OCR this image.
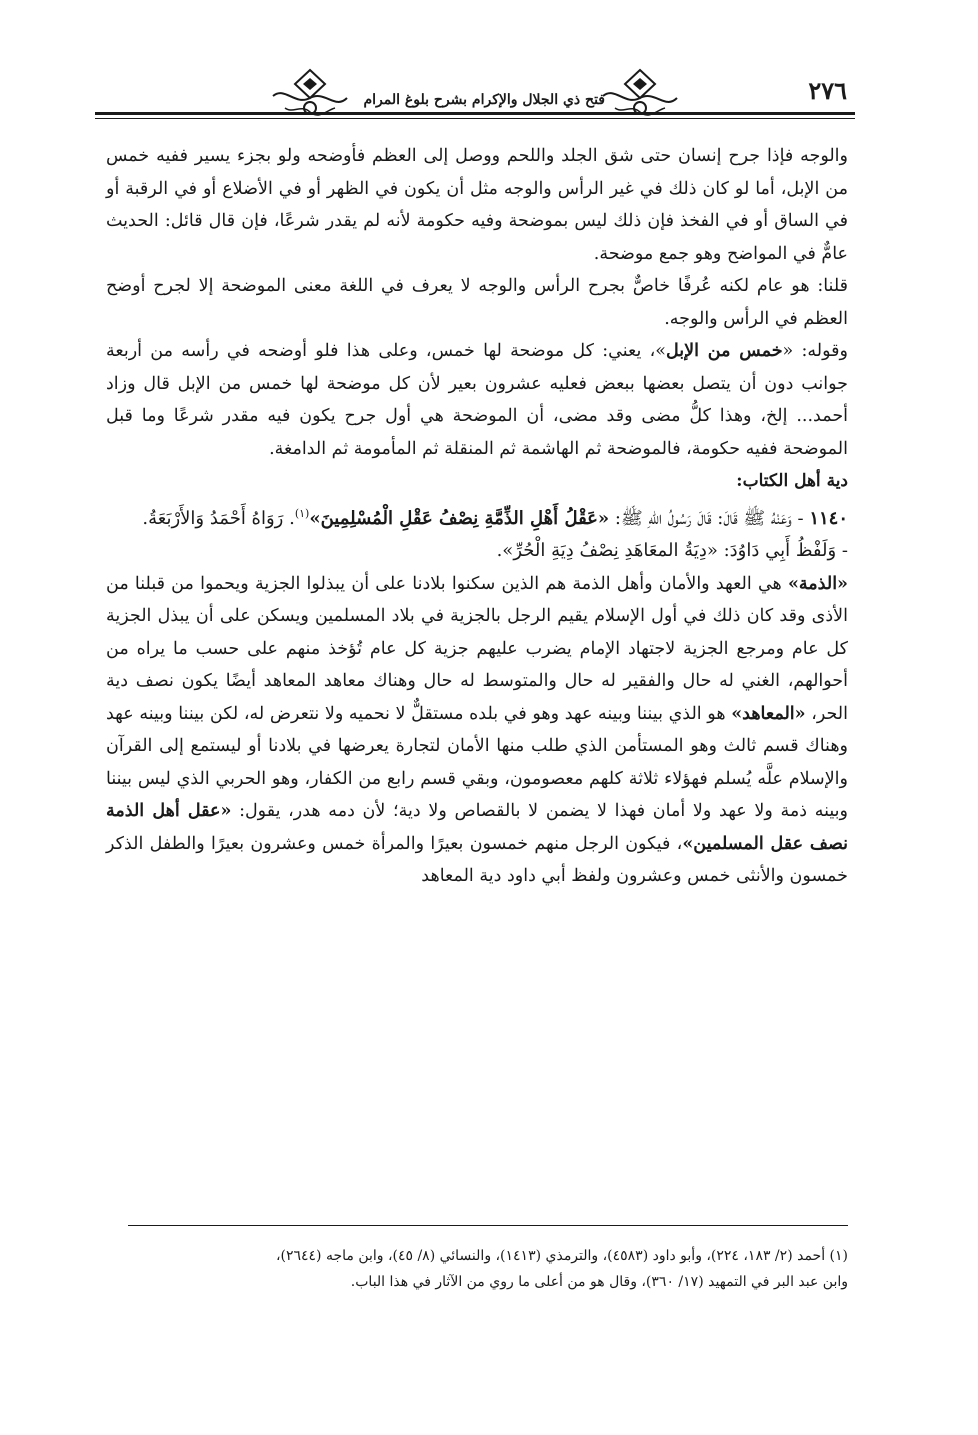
٢٧٦
فتح ذي الجلال والإكرام بشرح بلوغ المرام

والوجه فإذا جرح إنسان حتى شق الجلد واللحم ووصل إلى العظم فأوضحه ولو بجزء يسير ففيه خمس من الإبل، أما لو كان ذلك في غير الرأس والوجه مثل أن يكون في الظهر أو في الأضلاع أو في الرقبة أو في الساق أو في الفخذ فإن ذلك ليس بموضحة وفيه حكومة لأنه لم يقدر شرعًا، فإن قال قائل: الحديث عامٌّ في المواضح وهو جمع موضحة.

قلنا: هو عام لكنه عُرفًا خاصٌّ بجرح الرأس والوجه لا يعرف في اللغة معنى الموضحة إلا لجرح أوضح العظم في الرأس والوجه.

وقوله: «خمس من الإبل»، يعني: كل موضحة لها خمس، وعلى هذا فلو أوضحه في رأسه من أربعة جوانب دون أن يتصل بعضها ببعض فعليه عشرون بعير لأن كل موضحة لها خمس من الإبل قال وزاد أحمد... إلخ، وهذا كلُّ مضى وقد مضى، أن الموضحة هي أول جرح يكون فيه مقدر شرعًا وما قبل الموضحة ففيه حكومة، فالموضحة ثم الهاشمة ثم المنقلة ثم المأمومة ثم الدامغة.

دية أهل الكتاب:

١١٤٠ - وَعَنْهُ ﷺ قَالَ: قَالَ رَسُولُ اللهِ ﷺ: «عَقْلُ أَهْلِ الذِّمَّةِ نِصْفُ عَقْلِ الْمُسْلِمِينَ»$^{(١)}$. رَوَاهُ أَحْمَدُ وَالأَرْبَعَةُ.

- وَلَفْظُ أَبِي دَاوُدَ: «دِيَةُ المعَاهَدِ نِصْفُ دِيَةِ الْحُرِّ».

«الذمة» هي العهد والأمان وأهل الذمة هم الذين سكنوا بلادنا على أن يبذلوا الجزية ويحموا من قبلنا من الأذى وقد كان ذلك في أول الإسلام يقيم الرجل بالجزية في بلاد المسلمين ويسكن على أن يبذل الجزية كل عام ومرجع الجزية لاجتهاد الإمام يضرب عليهم جزية كل عام تُؤخذ منهم على حسب ما يراه من أحوالهم، الغني له حال والفقير له حال والمتوسط له حال وهناك معاهد المعاهد أيضًا يكون نصف دية الحر، «المعاهد» هو الذي بيننا وبينه عهد وهو في بلده مستقلٌّ لا نحميه ولا نتعرض له، لكن بيننا وبينه عهد وهناك قسم ثالث وهو المستأمن الذي طلب منها الأمان لتجارة يعرضها في بلادنا أو ليستمع إلى القرآن والإسلام علَّه يُسلم فهؤلاء ثلاثة كلهم معصومون، وبقي قسم رابع من الكفار، وهو الحربي الذي ليس بيننا وبينه ذمة ولا عهد ولا أمان فهذا لا يضمن لا بالقصاص ولا دية؛ لأن دمه هدر، يقول: «عقل أهل الذمة نصف عقل المسلمين»، فيكون الرجل منهم خمسون بعيرًا والمرأة خمس وعشرون بعيرًا والطفل الذكر خمسون والأنثى خمس وعشرون ولفظ أبي داود دية المعاهد

(١) أحمد (٢/ ١٨٣، ٢٢٤)، وأبو داود (٤٥٨٣)، والترمذي (١٤١٣)، والنسائي (٨/ ٤٥)، وابن ماجه (٢٦٤٤)،

وابن عبد البر في التمهيد (١٧/ ٣٦٠)، وقال هو من أعلى ما روي من الآثار في هذا الباب.
